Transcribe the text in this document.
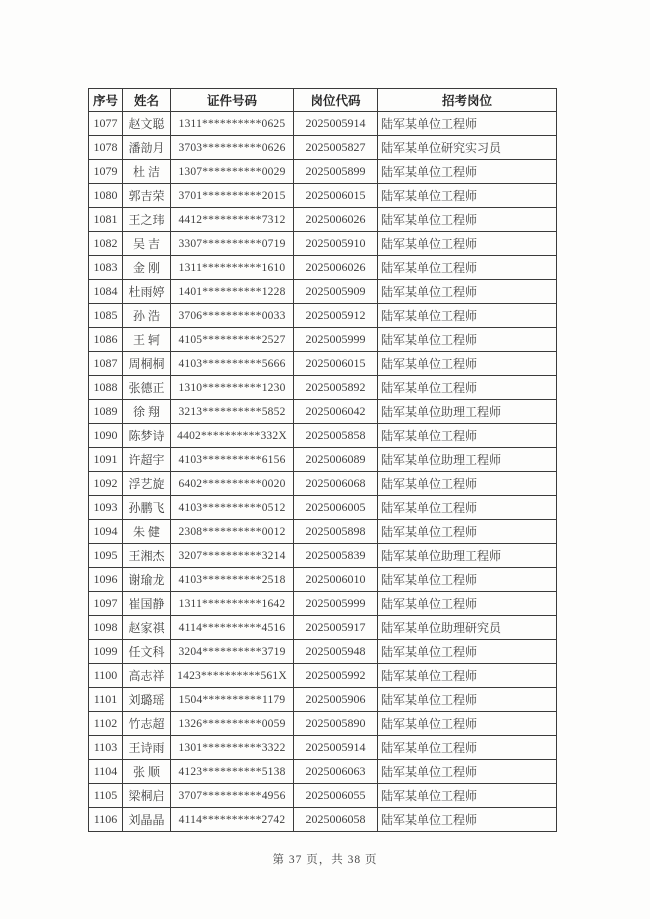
序号	姓名	证件号码	岗位代码	招考岗位
1077	赵文聪	1311**********0625	2025005914	陆军某单位工程师
1078	潘勏月	3703**********0626	2025005827	陆军某单位研究实习员
1079	杜 洁	1307**********0029	2025005899	陆军某单位工程师
1080	郭吉荣	3701**********2015	2025006015	陆军某单位工程师
1081	王之玮	4412**********7312	2025006026	陆军某单位工程师
1082	吴 吉	3307**********0719	2025005910	陆军某单位工程师
1083	金 刚	1311**********1610	2025006026	陆军某单位工程师
1084	杜雨婷	1401**********1228	2025005909	陆军某单位工程师
1085	孙 浩	3706**********0033	2025005912	陆军某单位工程师
1086	王 轲	4105**********2527	2025005999	陆军某单位工程师
1087	周桐桐	4103**********5666	2025006015	陆军某单位工程师
1088	张德正	1310**********1230	2025005892	陆军某单位工程师
1089	徐 翔	3213**********5852	2025006042	陆军某单位助理工程师
1090	陈梦诗	4402**********332X	2025005858	陆军某单位工程师
1091	许超宇	4103**********6156	2025006089	陆军某单位助理工程师
1092	浮艺旋	6402**********0020	2025006068	陆军某单位工程师
1093	孙鹏飞	4103**********0512	2025006005	陆军某单位工程师
1094	朱 健	2308**********0012	2025005898	陆军某单位工程师
1095	王湘杰	3207**********3214	2025005839	陆军某单位助理工程师
1096	谢瑜龙	4103**********2518	2025006010	陆军某单位工程师
1097	崔国静	1311**********1642	2025005999	陆军某单位工程师
1098	赵家祺	4114**********4516	2025005917	陆军某单位助理研究员
1099	任文科	3204**********3719	2025005948	陆军某单位工程师
1100	高志祥	1423**********561X	2025005992	陆军某单位工程师
1101	刘璐瑶	1504**********1179	2025005906	陆军某单位工程师
1102	竹志超	1326**********0059	2025005890	陆军某单位工程师
1103	王诗雨	1301**********3322	2025005914	陆军某单位工程师
1104	张 顺	4123**********5138	2025006063	陆军某单位工程师
1105	梁桐启	3707**********4956	2025006055	陆军某单位工程师
1106	刘晶晶	4114**********2742	2025006058	陆军某单位工程师
第 37 页，共 38 页
